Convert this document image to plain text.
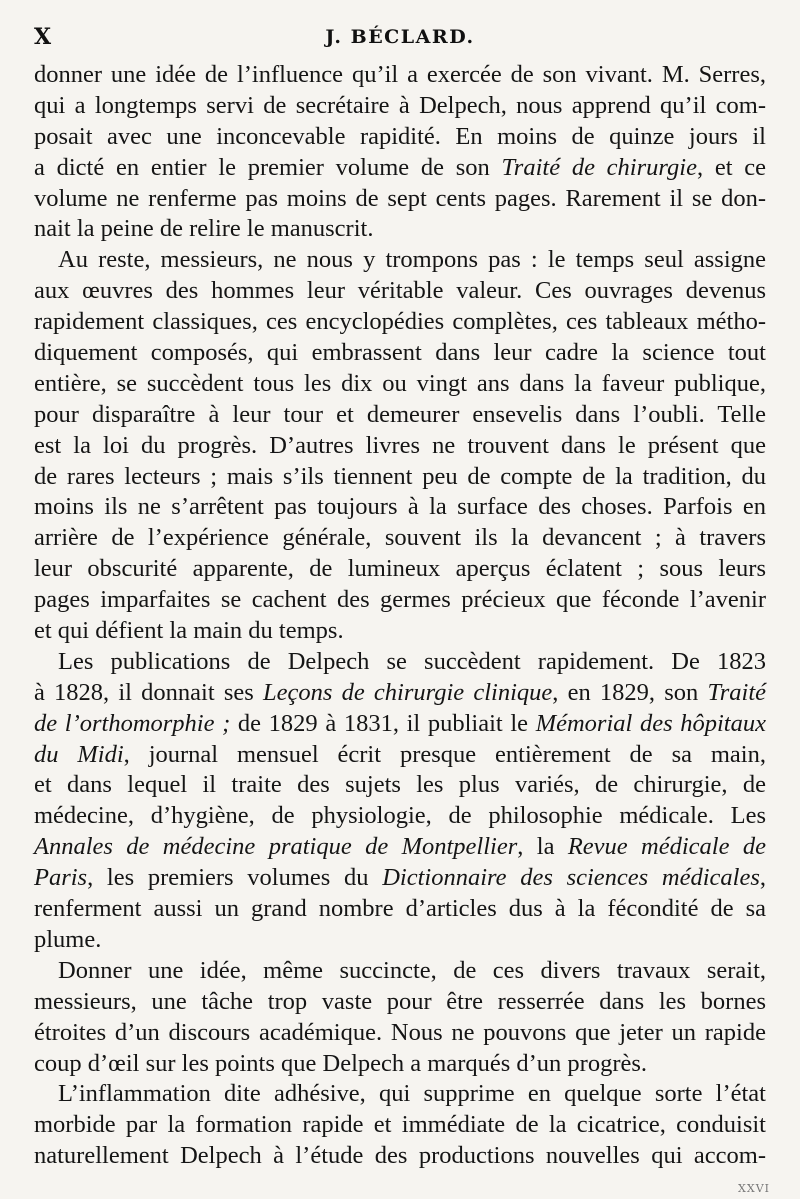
X	J. BÉCLARD.
donner une idée de l’influence qu’il a exercée de son vivant. M. Serres,
qui a longtemps servi de secrétaire à Delpech, nous apprend qu’il com-
posait avec une inconcevable rapidité. En moins de quinze jours il
a dicté en entier le premier volume de son Traité de chirurgie, et ce
volume ne renferme pas moins de sept cents pages. Rarement il se don-
nait la peine de relire le manuscrit.
Au reste, messieurs, ne nous y trompons pas : le temps seul assigne
aux œuvres des hommes leur véritable valeur. Ces ouvrages devenus
rapidement classiques, ces encyclopédies complètes, ces tableaux métho-
diquement composés, qui embrassent dans leur cadre la science tout
entière, se succèdent tous les dix ou vingt ans dans la faveur publique,
pour disparaître à leur tour et demeurer ensevelis dans l’oubli. Telle
est la loi du progrès. D’autres livres ne trouvent dans le présent que
de rares lecteurs ; mais s’ils tiennent peu de compte de la tradition, du
moins ils ne s’arrêtent pas toujours à la surface des choses. Parfois en
arrière de l’expérience générale, souvent ils la devancent ; à travers
leur obscurité apparente, de lumineux aperçus éclatent ; sous leurs
pages imparfaites se cachent des germes précieux que féconde l’avenir
et qui défient la main du temps.
Les publications de Delpech se succèdent rapidement. De 1823
à 1828, il donnait ses Leçons de chirurgie clinique, en 1829, son Traité
de l’orthomorphie ; de 1829 à 1831, il publiait le Mémorial des hôpitaux
du Midi, journal mensuel écrit presque entièrement de sa main,
et dans lequel il traite des sujets les plus variés, de chirurgie, de
médecine, d’hygiène, de physiologie, de philosophie médicale. Les
Annales de médecine pratique de Montpellier, la Revue médicale de
Paris, les premiers volumes du Dictionnaire des sciences médicales,
renferment aussi un grand nombre d’articles dus à la fécondité de sa
plume.
Donner une idée, même succincte, de ces divers travaux serait,
messieurs, une tâche trop vaste pour être resserrée dans les bornes
étroites d’un discours académique. Nous ne pouvons que jeter un rapide
coup d’œil sur les points que Delpech a marqués d’un progrès.
L’inflammation dite adhésive, qui supprime en quelque sorte l’état
morbide par la formation rapide et immédiate de la cicatrice, conduisit
naturellement Delpech à l’étude des productions nouvelles qui accom-
XXVI
